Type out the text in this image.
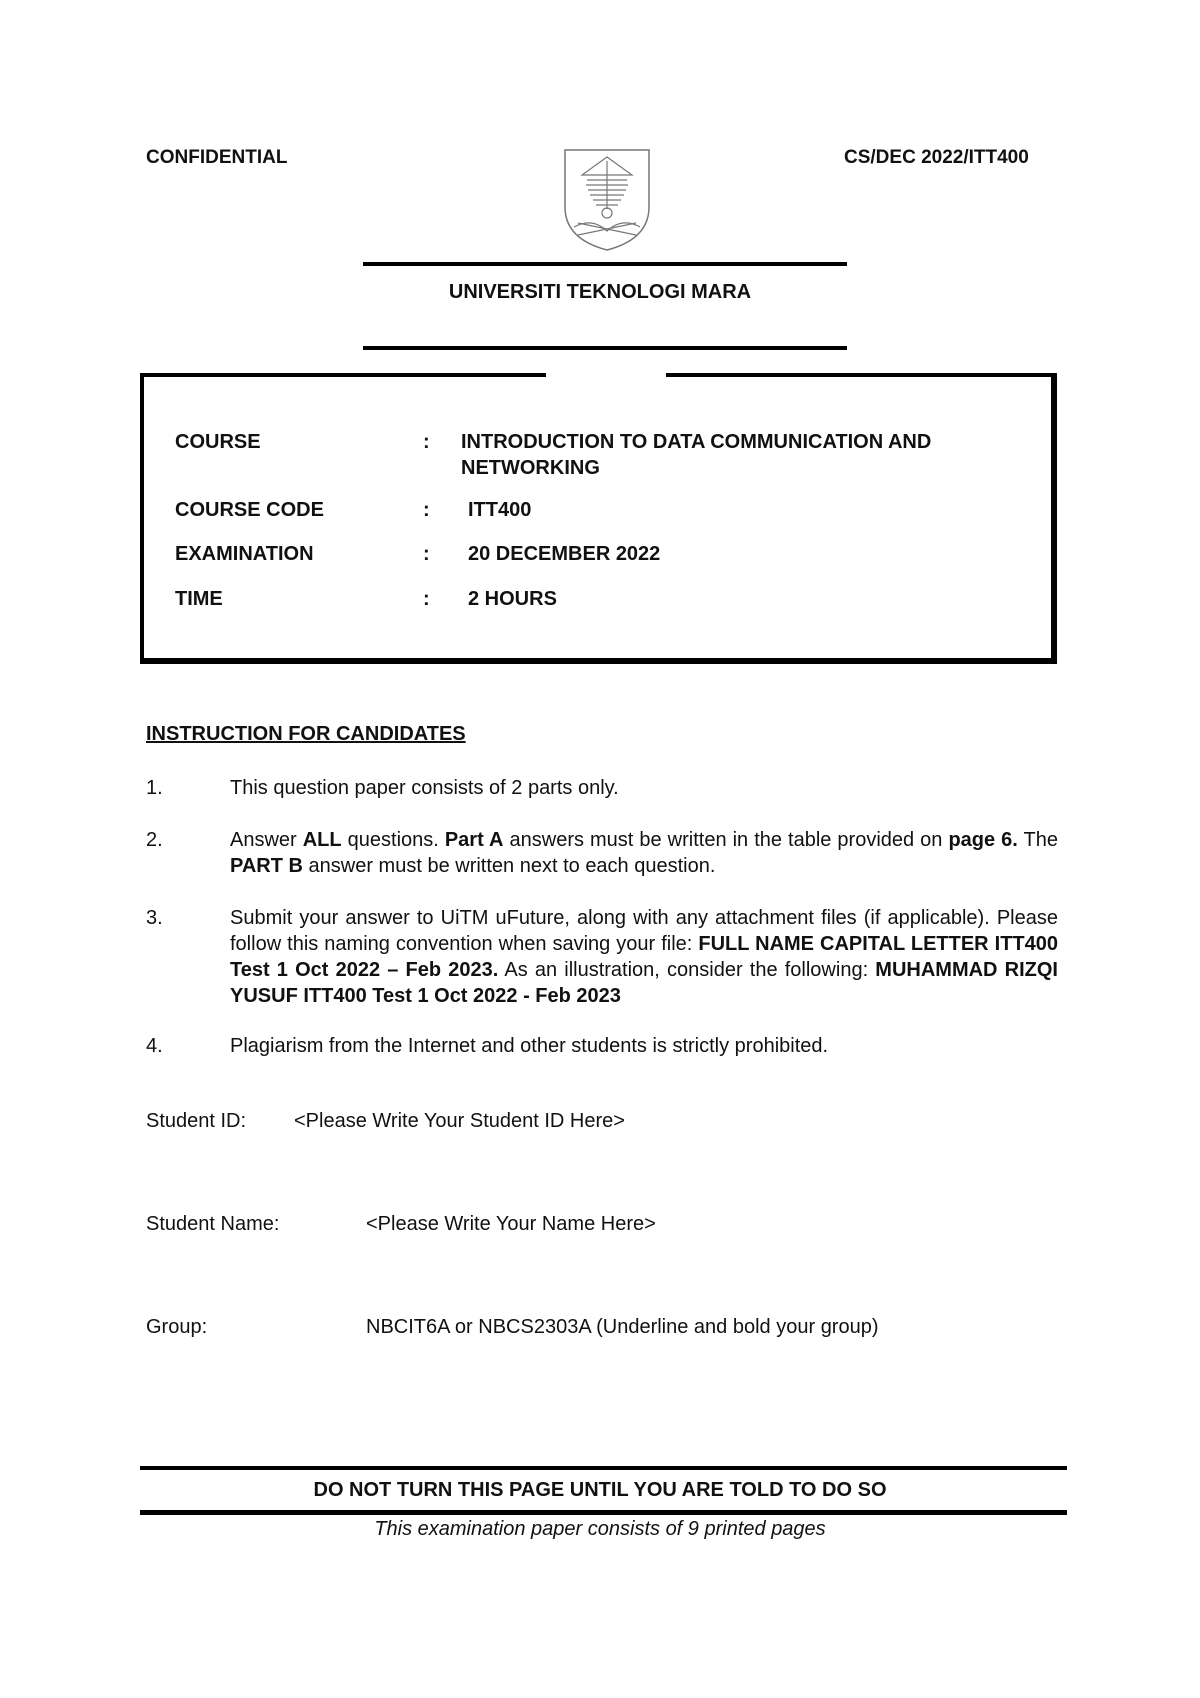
CONFIDENTIAL	CS/DEC 2022/ITT400
UNIVERSITI TEKNOLOGI MARA
COURSE	: INTRODUCTION TO DATA COMMUNICATION AND NETWORKING
COURSE CODE	: ITT400
EXAMINATION	: 20 DECEMBER 2022
TIME	: 2 HOURS
INSTRUCTION FOR CANDIDATES
1.	This question paper consists of 2 parts only.
2.	Answer ALL questions. Part A answers must be written in the table provided on page 6. The PART B answer must be written next to each question.
3.	Submit your answer to UiTM uFuture, along with any attachment files (if applicable). Please follow this naming convention when saving your file: FULL NAME CAPITAL LETTER ITT400 Test 1 Oct 2022 – Feb 2023. As an illustration, consider the following: MUHAMMAD RIZQI YUSUF ITT400 Test 1 Oct 2022 - Feb 2023
4.	Plagiarism from the Internet and other students is strictly prohibited.
Student ID: <Please Write Your Student ID Here>
Student Name:	<Please Write Your Name Here>
Group:	NBCIT6A or NBCS2303A (Underline and bold your group)
DO NOT TURN THIS PAGE UNTIL YOU ARE TOLD TO DO SO
This examination paper consists of 9 printed pages
